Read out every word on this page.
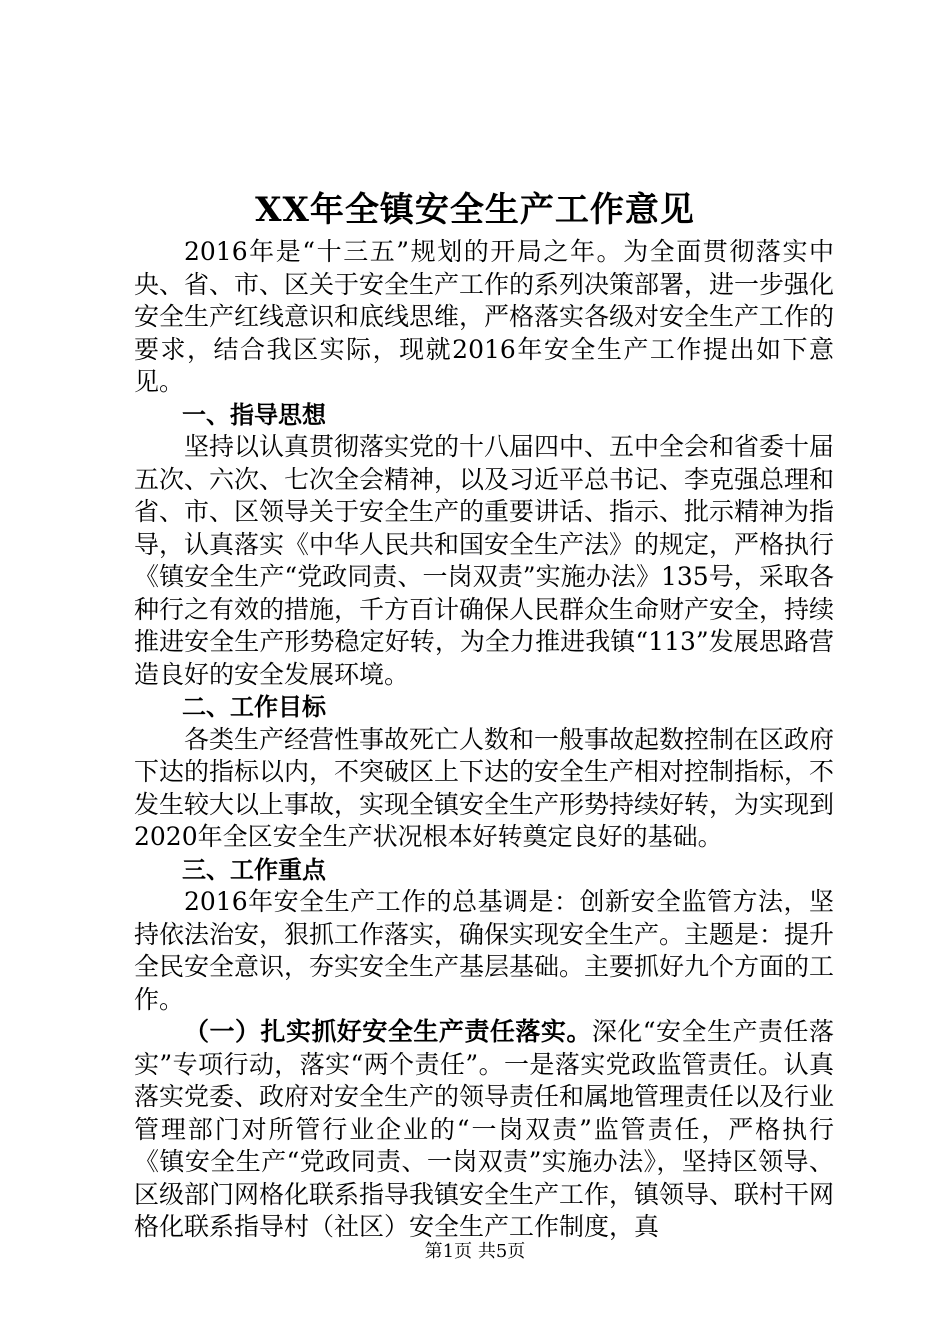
XX年全镇安全生产工作意见

2016年是“十三五”规划的开局之年。为全面贯彻落实中央、省、市、区关于安全生产工作的系列决策部署，进一步强化安全生产红线意识和底线思维，严格落实各级对安全生产工作的要求，结合我区实际，现就2016年安全生产工作提出如下意见。

一、指导思想

坚持以认真贯彻落实党的十八届四中、五中全会和省委十届五次、六次、七次全会精神，以及习近平总书记、李克强总理和省、市、区领导关于安全生产的重要讲话、指示、批示精神为指导，认真落实《中华人民共和国安全生产法》的规定，严格执行《镇安全生产“党政同责、一岗双责”实施办法》135号，采取各种行之有效的措施，千方百计确保人民群众生命财产安全，持续推进安全生产形势稳定好转，为全力推进我镇“113”发展思路营造良好的安全发展环境。

二、工作目标

各类生产经营性事故死亡人数和一般事故起数控制在区政府下达的指标以内，不突破区上下达的安全生产相对控制指标，不发生较大以上事故，实现全镇安全生产形势持续好转，为实现到2020年全区安全生产状况根本好转奠定良好的基础。

三、工作重点

2016年安全生产工作的总基调是：创新安全监管方法，坚持依法治安，狠抓工作落实，确保实现安全生产。主题是：提升全民安全意识，夯实安全生产基层基础。主要抓好九个方面的工作。

（一）扎实抓好安全生产责任落实。深化“安全生产责任落实”专项行动，落实“两个责任”。一是落实党政监管责任。认真落实党委、政府对安全生产的领导责任和属地管理责任以及行业管理部门对所管行业企业的“一岗双责”监管责任，严格执行《镇安全生产“党政同责、一岗双责”实施办法》，坚持区领导、区级部门网格化联系指导我镇安全生产工作，镇领导、联村干网格化联系指导村（社区）安全生产工作制度，真

第1页 共5页
